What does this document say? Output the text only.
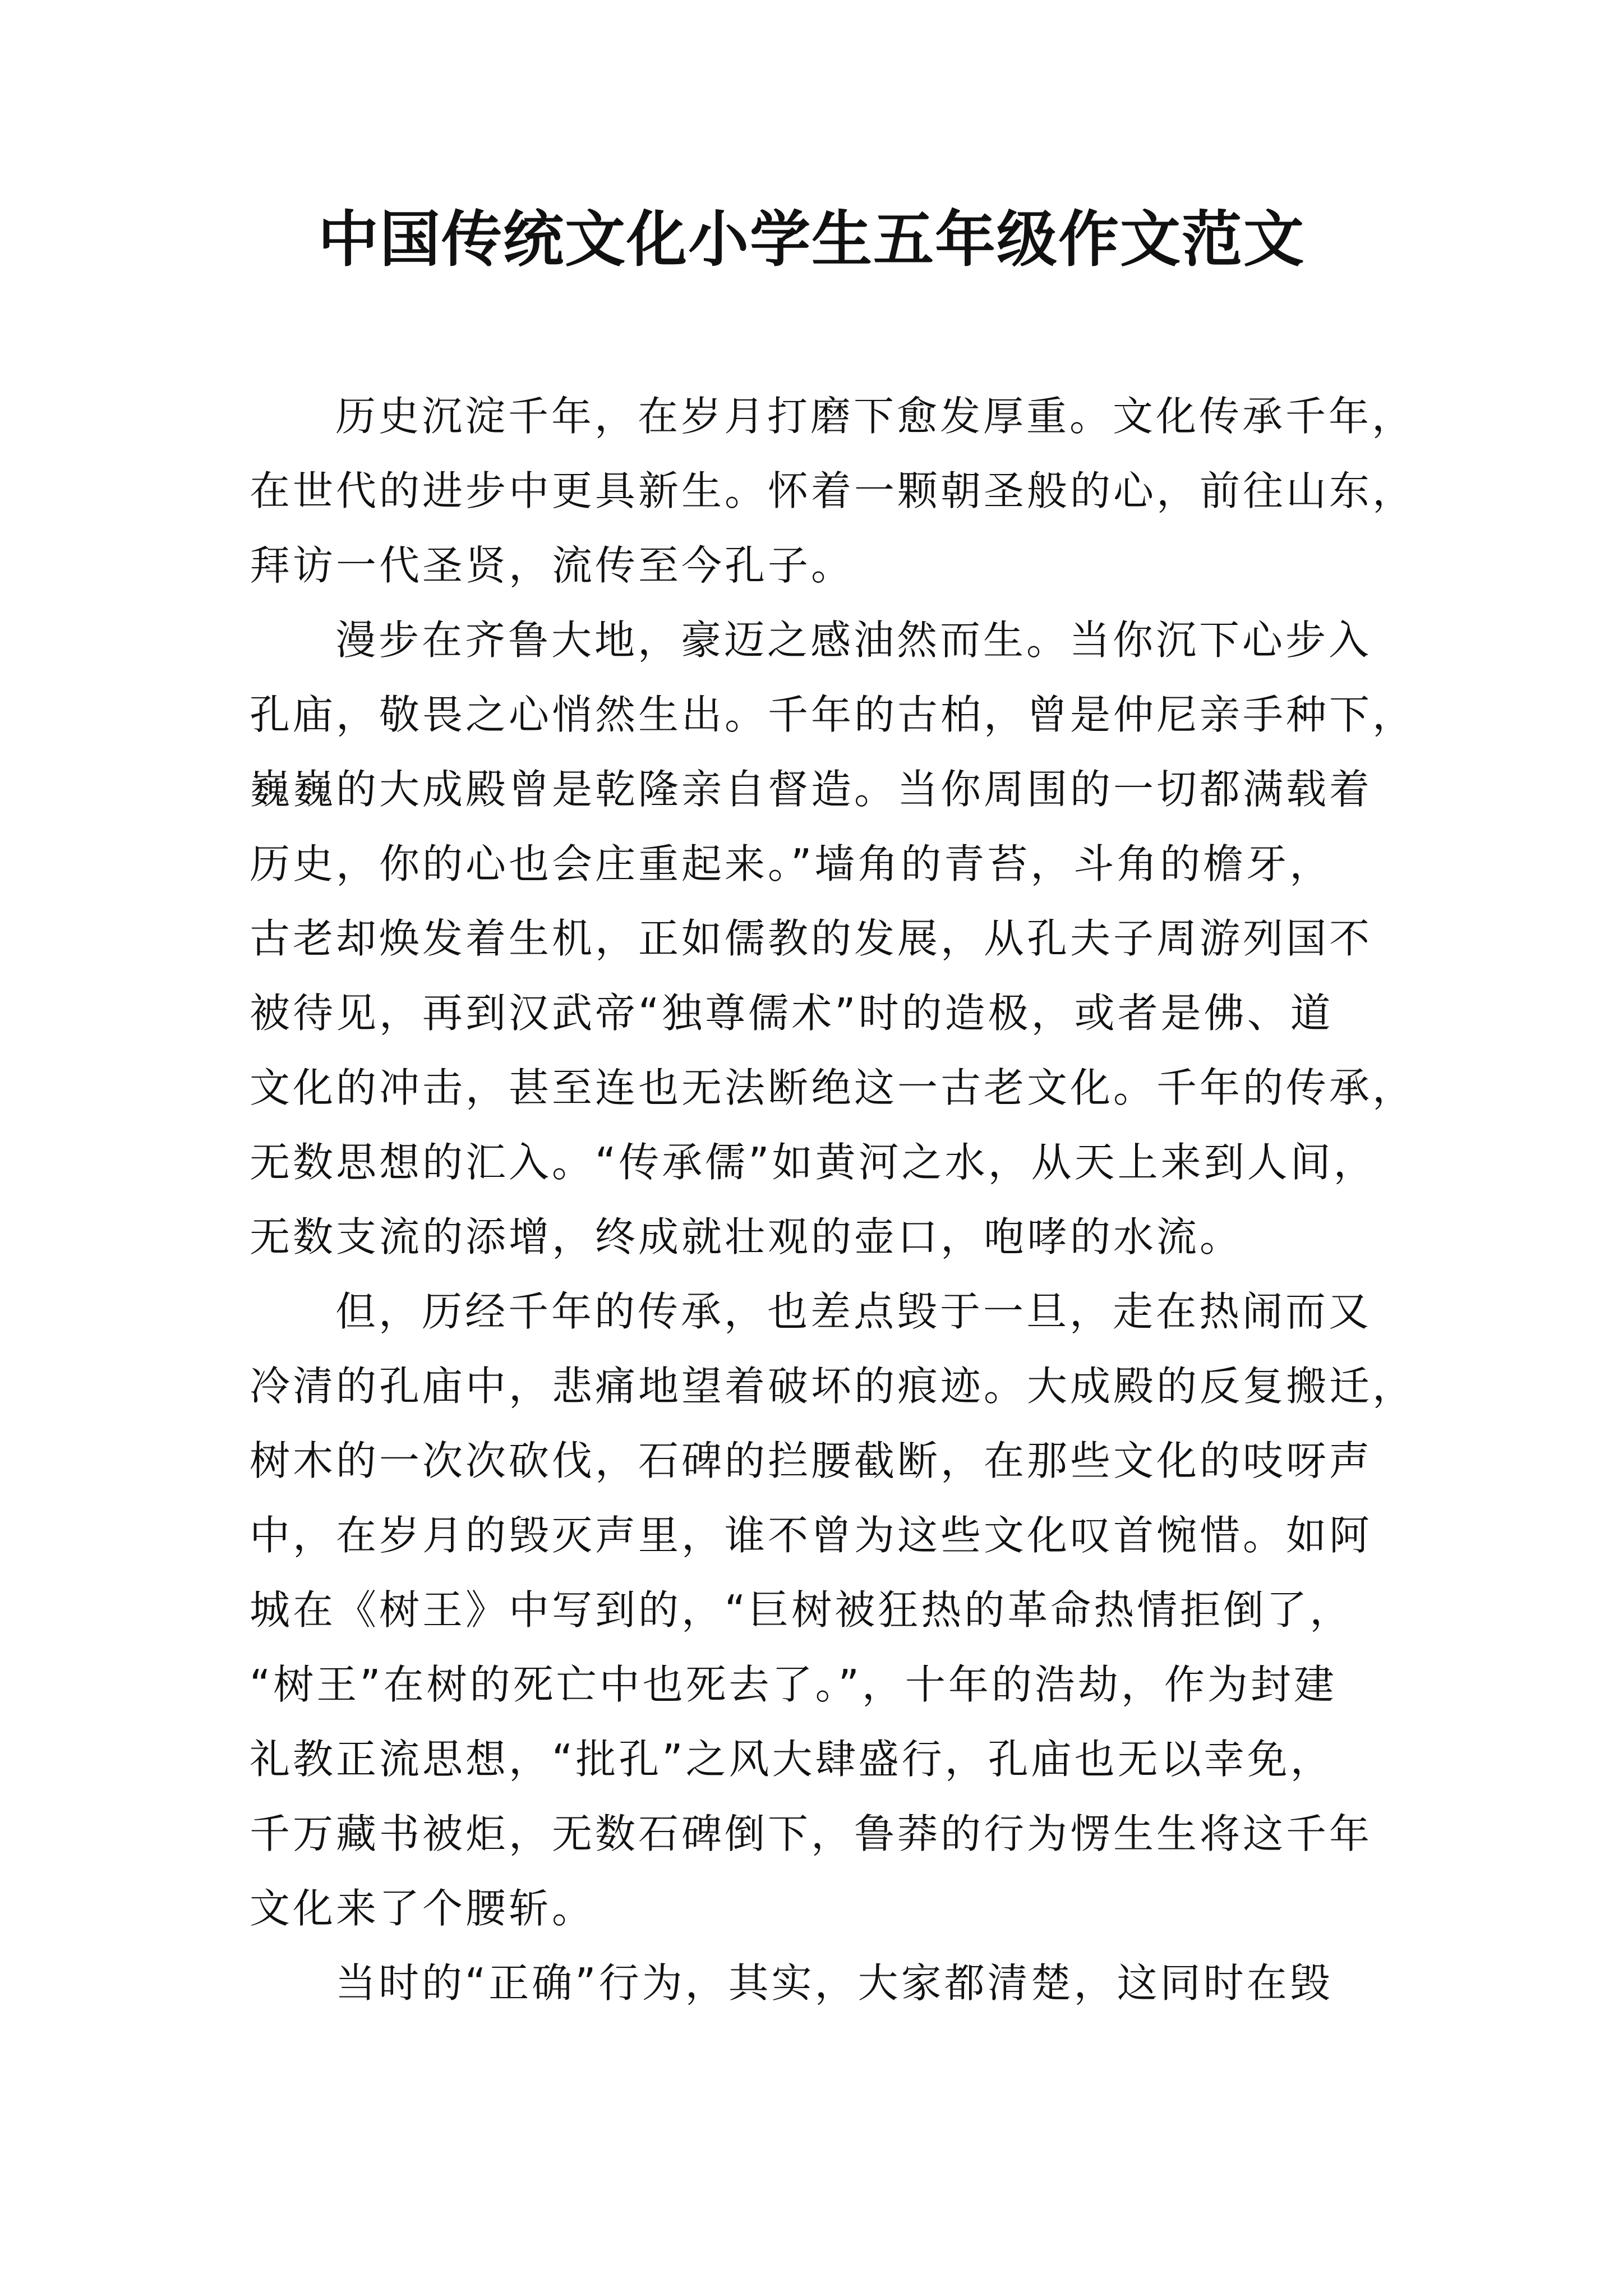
中国传统文化小学生五年级作文范文

历史沉淀千年，在岁月打磨下愈发厚重。文化传承千年，

在世代的进步中更具新生。怀着一颗朝圣般的心，前往山东，

拜访一代圣贤，流传至今孔子。

漫步在齐鲁大地，豪迈之感油然而生。当你沉下心步入

孔庙，敬畏之心悄然生出。千年的古柏，曾是仲尼亲手种下，

巍巍的大成殿曾是乾隆亲自督造。当你周围的一切都满载着

历史，你的心也会庄重起来。”墙角的青苔，斗角的檐牙，

古老却焕发着生机，正如儒教的发展，从孔夫子周游列国不

被待见，再到汉武帝“独尊儒术”时的造极，或者是佛、道

文化的冲击，甚至连也无法断绝这一古老文化。千年的传承，

无数思想的汇入。“传承儒”如黄河之水，从天上来到人间，

无数支流的添增，终成就壮观的壶口，咆哮的水流。

但，历经千年的传承，也差点毁于一旦，走在热闹而又

冷清的孔庙中，悲痛地望着破坏的痕迹。大成殿的反复搬迁，

树木的一次次砍伐，石碑的拦腰截断，在那些文化的吱呀声

中，在岁月的毁灭声里，谁不曾为这些文化叹首惋惜。如阿

城在《树王》中写到的，“巨树被狂热的革命热情拒倒了，

“树王”在树的死亡中也死去了。”，十年的浩劫，作为封建

礼教正流思想，“批孔”之风大肆盛行，孔庙也无以幸免，

千万藏书被炬，无数石碑倒下，鲁莽的行为愣生生将这千年

文化来了个腰斩。

当时的“正确”行为，其实，大家都清楚，这同时在毁
